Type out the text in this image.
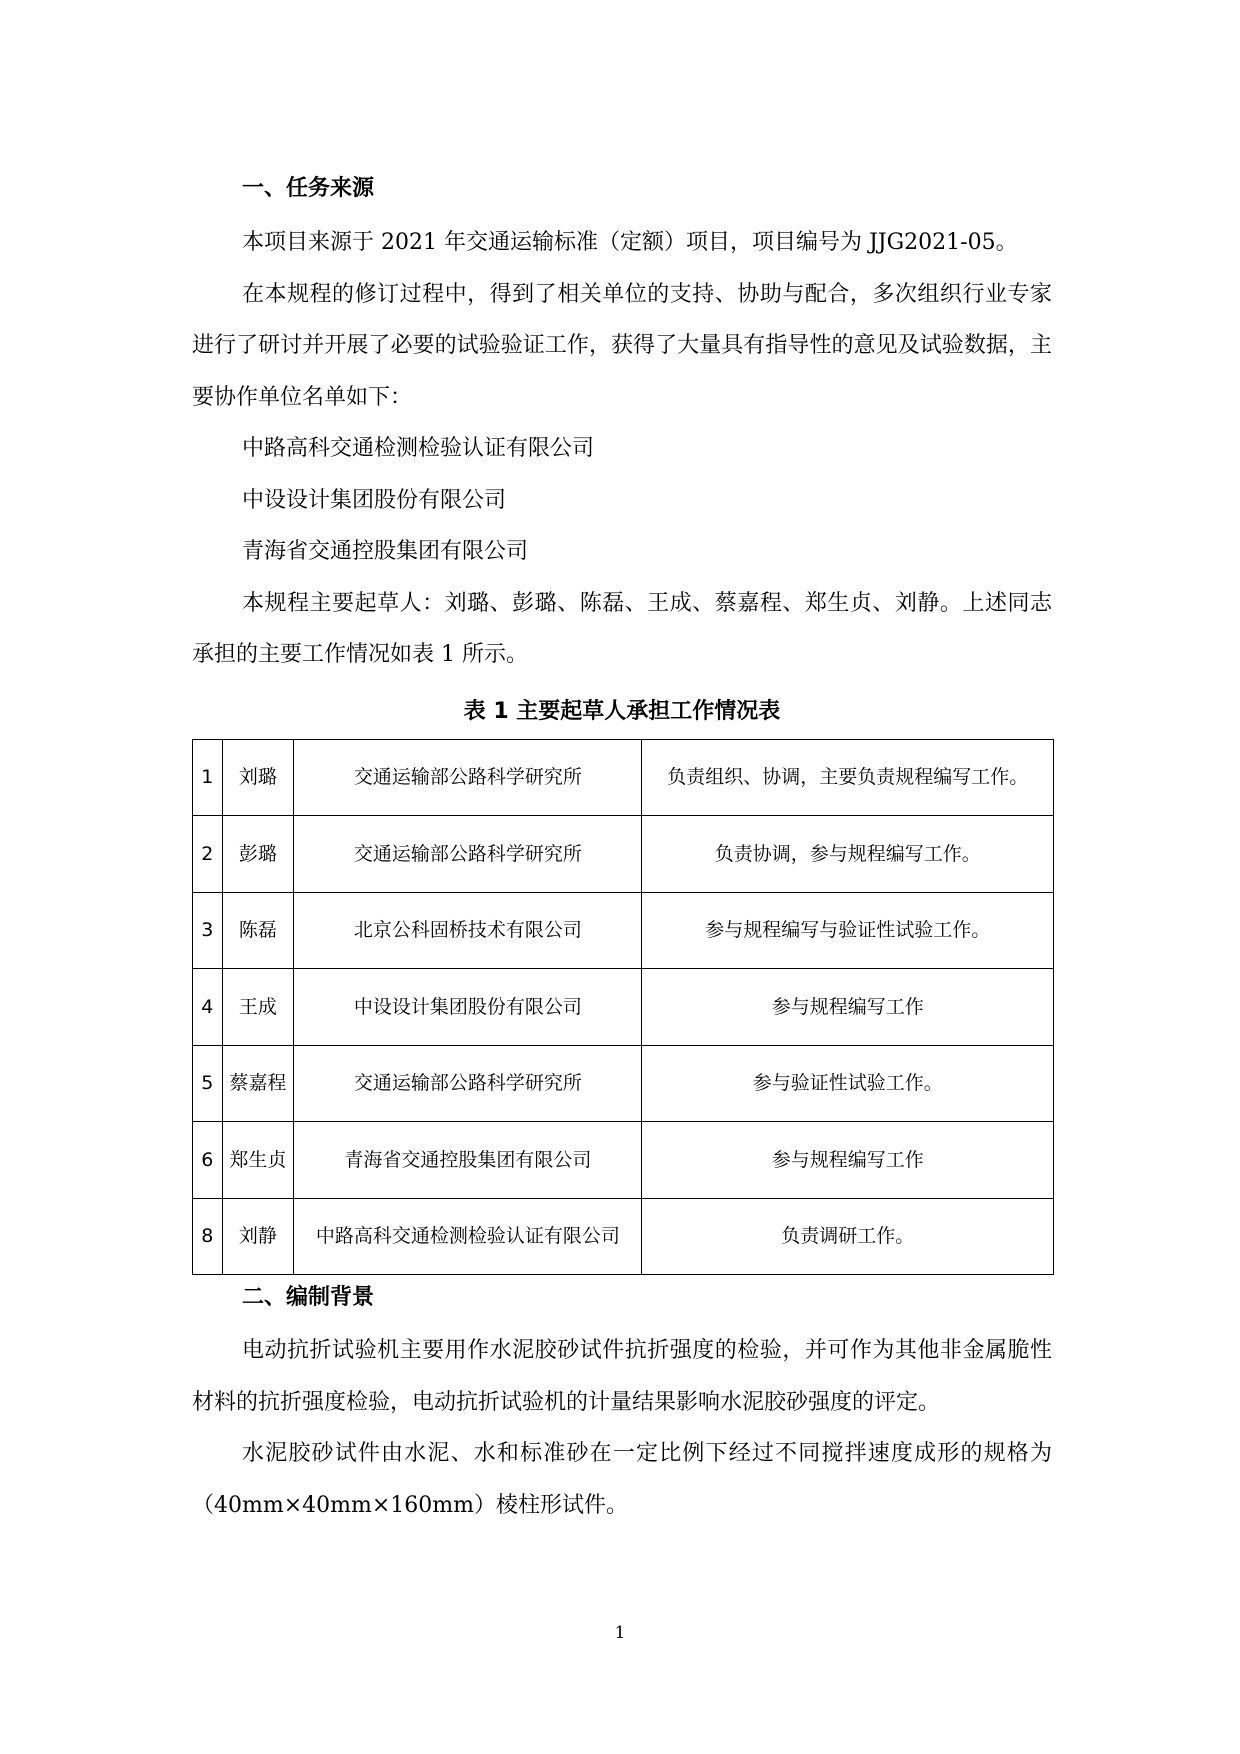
一、任务来源

本项目来源于 2021 年交通运输标准（定额）项目，项目编号为 JJG2021-05。

在本规程的修订过程中，得到了相关单位的支持、协助与配合，多次组织行业专家进行了研讨并开展了必要的试验验证工作，获得了大量具有指导性的意见及试验数据，主要协作单位名单如下：

中路高科交通检测检验认证有限公司

中设设计集团股份有限公司

青海省交通控股集团有限公司

本规程主要起草人：刘璐、彭璐、陈磊、王成、蔡嘉程、郑生贞、刘静。上述同志承担的主要工作情况如表 1 所示。

表 1 主要起草人承担工作情况表
1	刘璐	交通运输部公路科学研究所	负责组织、协调，主要负责规程编写工作。
2	彭璐	交通运输部公路科学研究所	负责协调，参与规程编写工作。
3	陈磊	北京公科固桥技术有限公司	参与规程编写与验证性试验工作。
4	王成	中设设计集团股份有限公司	参与规程编写工作
5	蔡嘉程	交通运输部公路科学研究所	参与验证性试验工作。
6	郑生贞	青海省交通控股集团有限公司	参与规程编写工作
8	刘静	中路高科交通检测检验认证有限公司	负责调研工作。
二、编制背景

电动抗折试验机主要用作水泥胶砂试件抗折强度的检验，并可作为其他非金属脆性材料的抗折强度检验，电动抗折试验机的计量结果影响水泥胶砂强度的评定。

水泥胶砂试件由水泥、水和标准砂在一定比例下经过不同搅拌速度成形的规格为（40mm×40mm×160mm）棱柱形试件。

1
